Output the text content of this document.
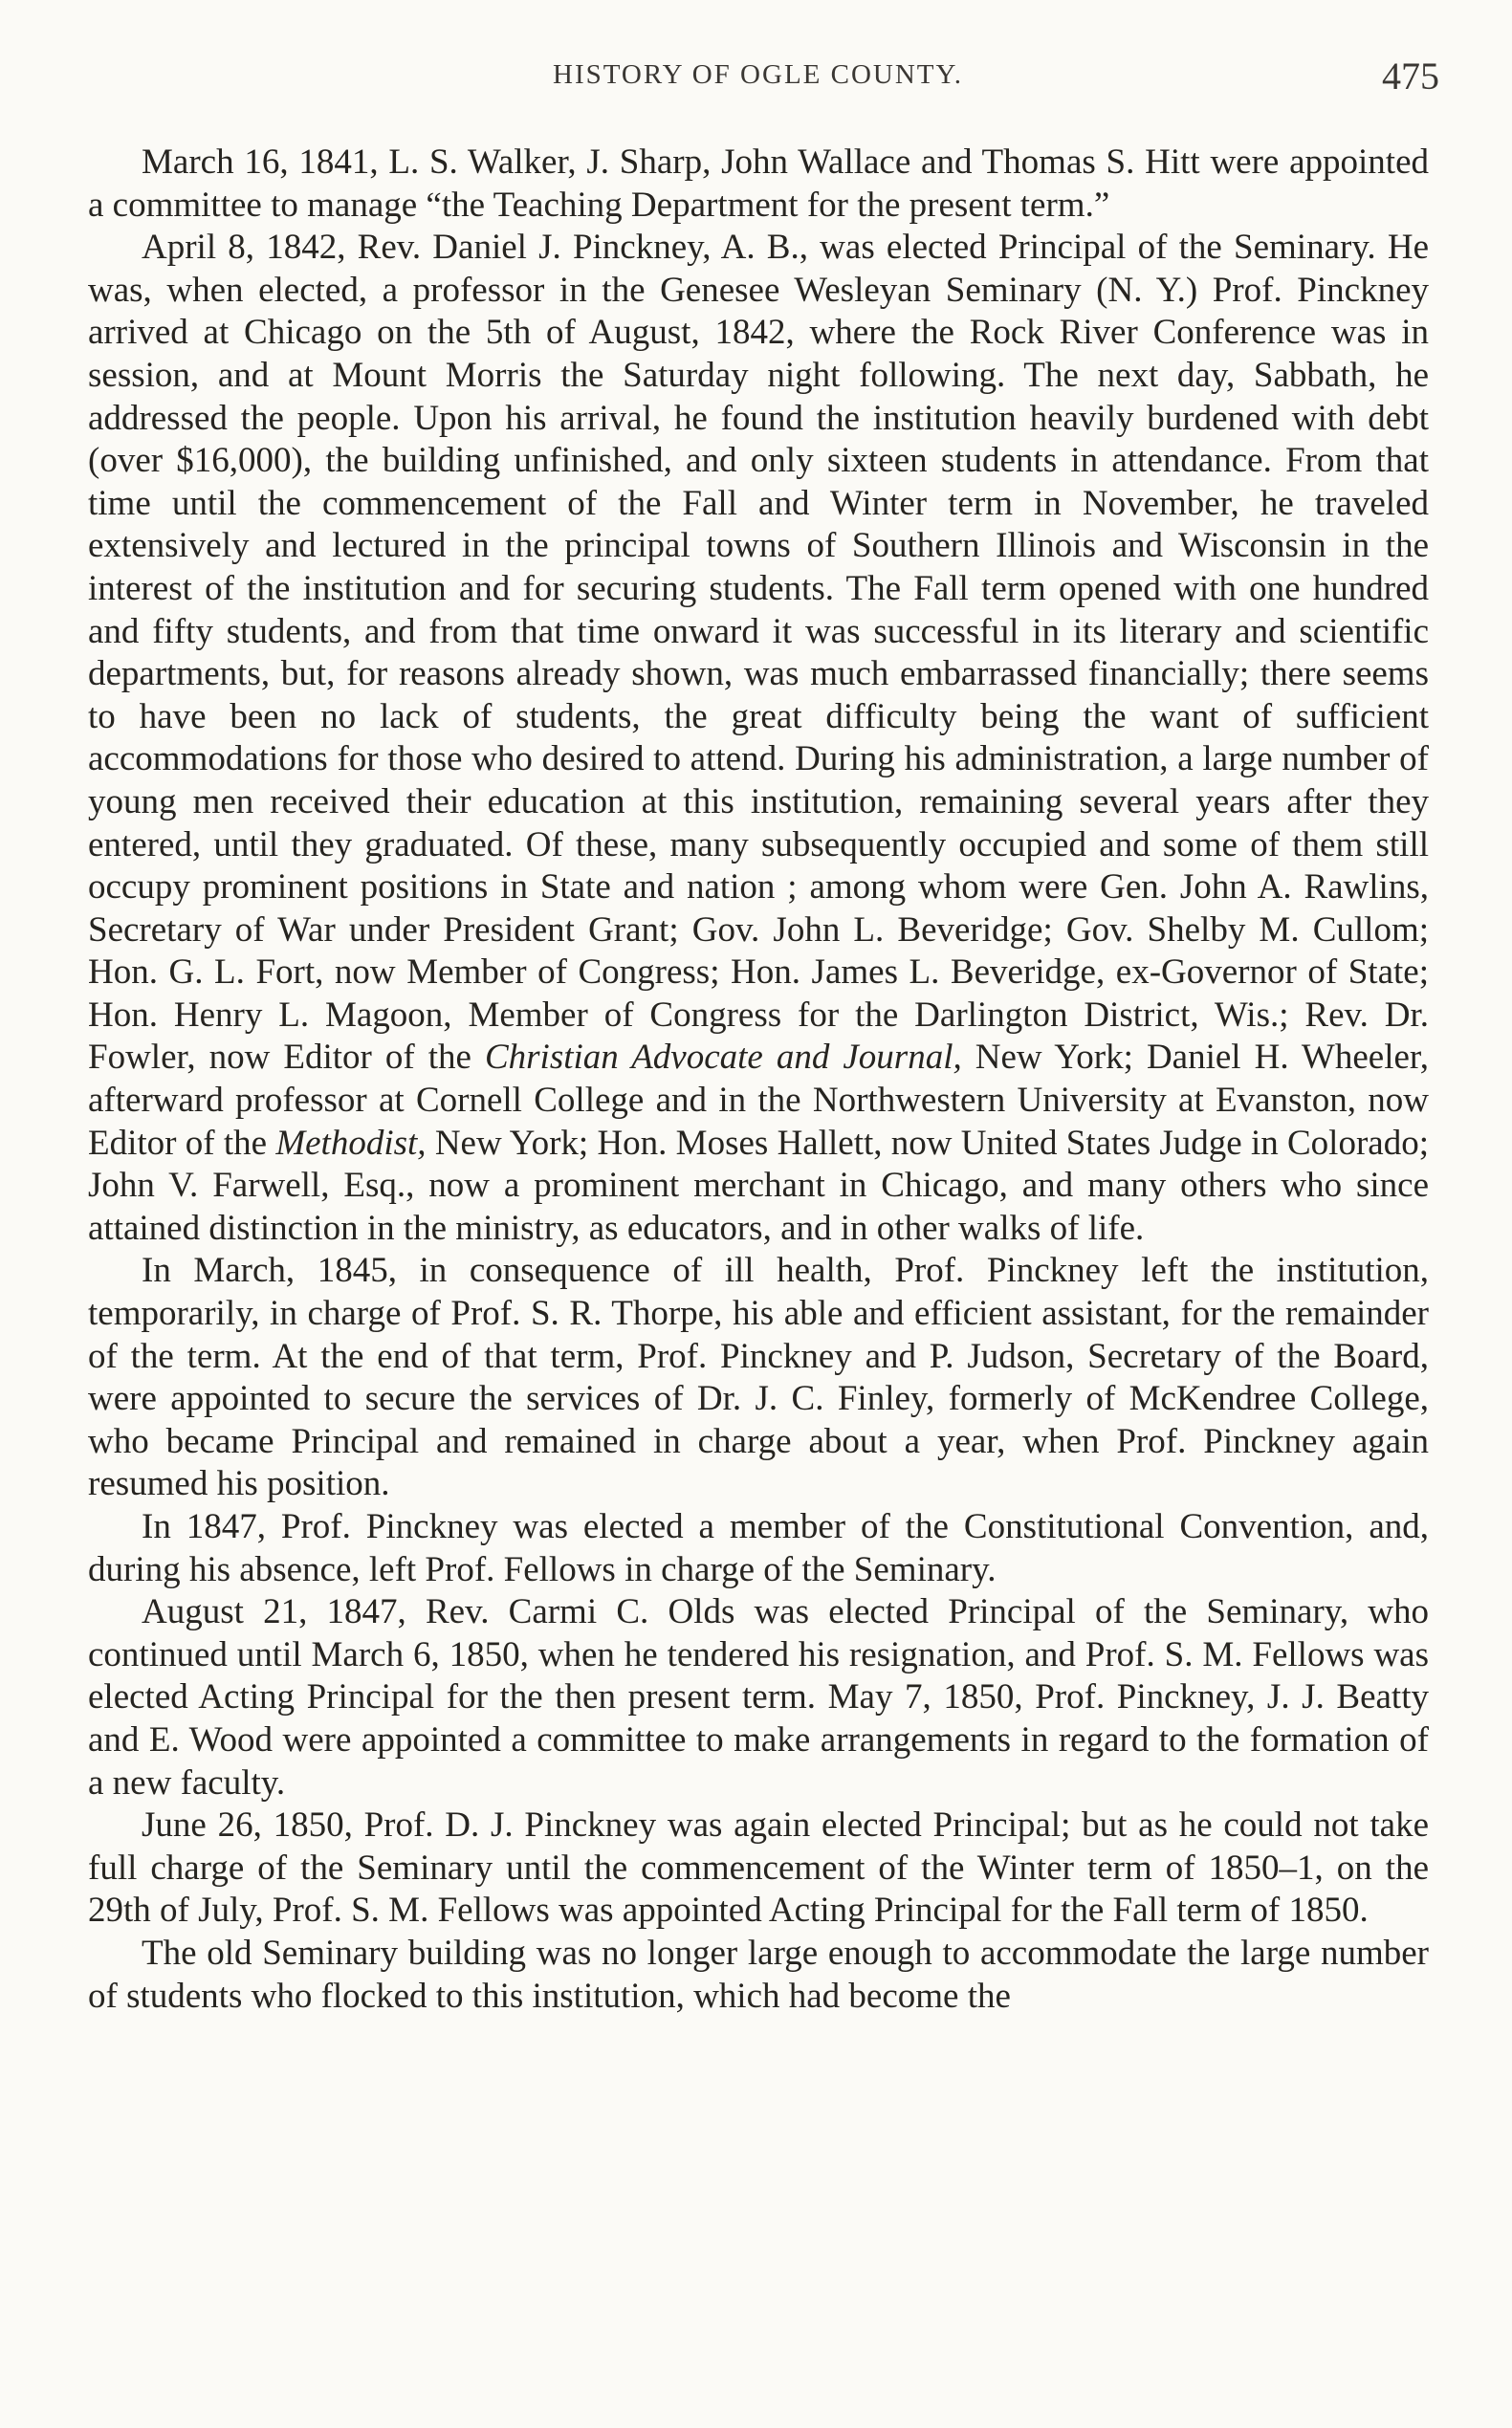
HISTORY OF OGLE COUNTY.	475

March 16, 1841, L. S. Walker, J. Sharp, John Wallace and Thomas S. Hitt were appointed a committee to manage “the Teaching Department for the present term.”

April 8, 1842, Rev. Daniel J. Pinckney, A. B., was elected Principal of the Seminary. He was, when elected, a professor in the Genesee Wesleyan Seminary (N. Y.) Prof. Pinckney arrived at Chicago on the 5th of August, 1842, where the Rock River Conference was in session, and at Mount Morris the Saturday night following. The next day, Sabbath, he addressed the people. Upon his arrival, he found the institution heavily burdened with debt (over $16,000), the building unfinished, and only sixteen students in attendance. From that time until the commencement of the Fall and Winter term in November, he traveled extensively and lectured in the principal towns of Southern Illinois and Wisconsin in the interest of the institution and for securing students. The Fall term opened with one hundred and fifty students, and from that time onward it was successful in its literary and scientific departments, but, for reasons already shown, was much embarrassed financially; there seems to have been no lack of students, the great difficulty being the want of sufficient accommodations for those who desired to attend. During his administration, a large number of young men received their education at this institution, remaining several years after they entered, until they graduated. Of these, many subsequently occupied and some of them still occupy prominent positions in State and nation ; among whom were Gen. John A. Rawlins, Secretary of War under President Grant; Gov. John L. Beveridge; Gov. Shelby M. Cullom; Hon. G. L. Fort, now Member of Congress; Hon. James L. Beveridge, ex-Governor of State; Hon. Henry L. Magoon, Member of Congress for the Darlington District, Wis.; Rev. Dr. Fowler, now Editor of the Christian Advocate and Journal, New York; Daniel H. Wheeler, afterward professor at Cornell College and in the Northwestern University at Evanston, now Editor of the Methodist, New York; Hon. Moses Hallett, now United States Judge in Colorado; John V. Farwell, Esq., now a prominent merchant in Chicago, and many others who since attained distinction in the ministry, as educators, and in other walks of life.

In March, 1845, in consequence of ill health, Prof. Pinckney left the institution, temporarily, in charge of Prof. S. R. Thorpe, his able and efficient assistant, for the remainder of the term. At the end of that term, Prof. Pinckney and P. Judson, Secretary of the Board, were appointed to secure the services of Dr. J. C. Finley, formerly of McKendree College, who became Principal and remained in charge about a year, when Prof. Pinckney again resumed his position.

In 1847, Prof. Pinckney was elected a member of the Constitutional Convention, and, during his absence, left Prof. Fellows in charge of the Seminary.

August 21, 1847, Rev. Carmi C. Olds was elected Principal of the Seminary, who continued until March 6, 1850, when he tendered his resignation, and Prof. S. M. Fellows was elected Acting Principal for the then present term. May 7, 1850, Prof. Pinckney, J. J. Beatty and E. Wood were appointed a committee to make arrangements in regard to the formation of a new faculty.

June 26, 1850, Prof. D. J. Pinckney was again elected Principal; but as he could not take full charge of the Seminary until the commencement of the Winter term of 1850–1, on the 29th of July, Prof. S. M. Fellows was appointed Acting Principal for the Fall term of 1850.

The old Seminary building was no longer large enough to accommodate the large number of students who flocked to this institution, which had become the
